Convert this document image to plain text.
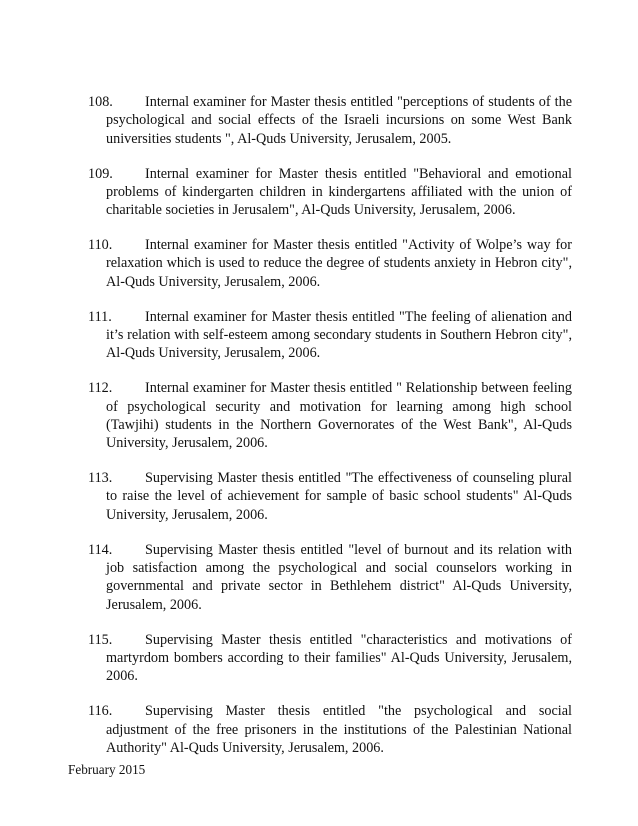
108. Internal examiner for Master thesis entitled "perceptions of students of the psychological and social effects of the Israeli incursions on some West Bank universities students ", Al-Quds University, Jerusalem, 2005.
109. Internal examiner for Master thesis entitled "Behavioral and emotional problems of kindergarten children in kindergartens affiliated with the union of charitable societies in Jerusalem", Al-Quds University, Jerusalem, 2006.
110. Internal examiner for Master thesis entitled "Activity of Wolpe’s way for relaxation which is used to reduce the degree of students anxiety in Hebron city", Al-Quds University, Jerusalem, 2006.
111. Internal examiner for Master thesis entitled "The feeling of alienation and it’s relation with self-esteem among secondary students in Southern Hebron city", Al-Quds University, Jerusalem, 2006.
112. Internal examiner for Master thesis entitled " Relationship between feeling of psychological security and motivation for learning among high school (Tawjihi) students in the Northern Governorates of the West Bank", Al-Quds University, Jerusalem, 2006.
113. Supervising Master thesis entitled "The effectiveness of counseling plural to raise the level of achievement for sample of basic school students" Al-Quds University, Jerusalem, 2006.
114. Supervising Master thesis entitled "level of burnout and its relation with job satisfaction among the psychological and social counselors working in governmental and private sector in Bethlehem district" Al-Quds University, Jerusalem, 2006.
115. Supervising Master thesis entitled "characteristics and motivations of martyrdom bombers according to their families" Al-Quds University, Jerusalem, 2006.
116. Supervising Master thesis entitled "the psychological and social adjustment of the free prisoners in the institutions of the Palestinian National Authority" Al-Quds University, Jerusalem, 2006.
February 2015
